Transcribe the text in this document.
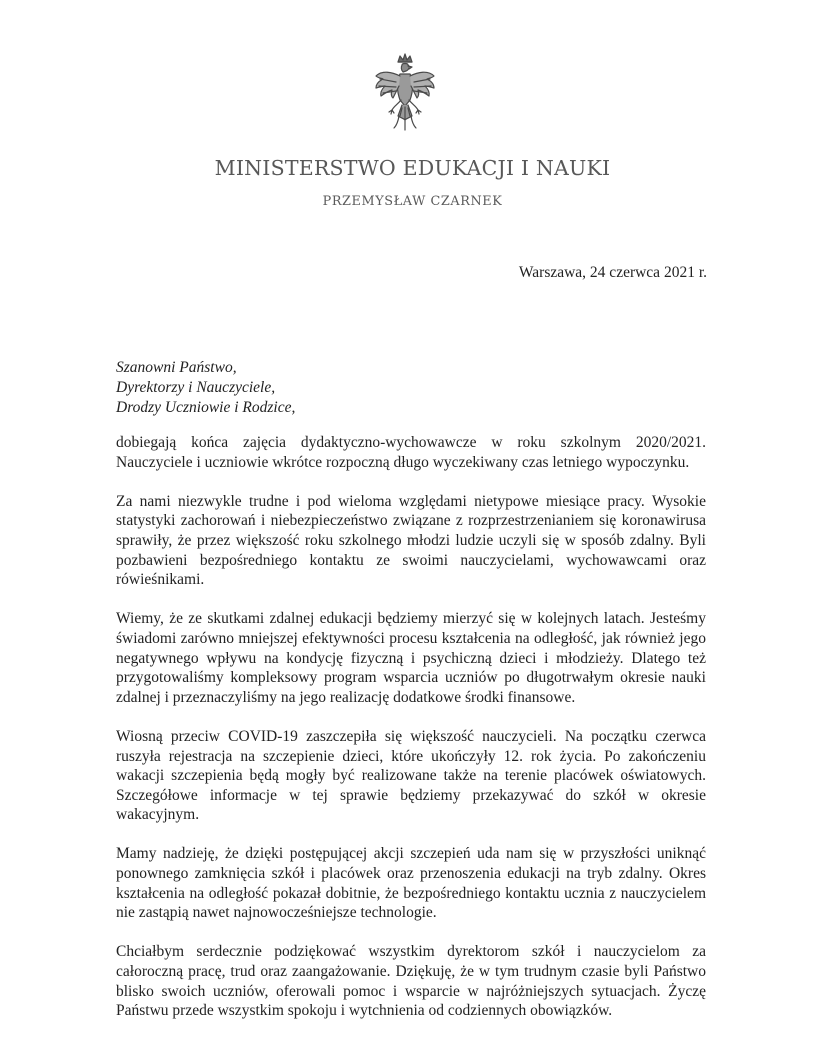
MINISTERSTWO EDUKACJI I NAUKI
PRZEMYSŁAW CZARNEK
Warszawa, 24 czerwca 2021 r.
Szanowni Państwo,
Dyrektorzy i Nauczyciele,
Drodzy Uczniowie i Rodzice,

dobiegają końca zajęcia dydaktyczno-wychowawcze w roku szkolnym 2020/2021. Nauczyciele i uczniowie wkrótce rozpoczną długo wyczekiwany czas letniego wypoczynku.

Za nami niezwykle trudne i pod wieloma względami nietypowe miesiące pracy. Wysokie statystyki zachorowań i niebezpieczeństwo związane z rozprzestrzenianiem się koronawirusa sprawiły, że przez większość roku szkolnego młodzi ludzie uczyli się w sposób zdalny. Byli pozbawieni bezpośredniego kontaktu ze swoimi nauczycielami, wychowawcami oraz rówieśnikami.

Wiemy, że ze skutkami zdalnej edukacji będziemy mierzyć się w kolejnych latach. Jesteśmy świadomi zarówno mniejszej efektywności procesu kształcenia na odległość, jak również jego negatywnego wpływu na kondycję fizyczną i psychiczną dzieci i młodzieży. Dlatego też przygotowaliśmy kompleksowy program wsparcia uczniów po długotrwałym okresie nauki zdalnej i przeznaczyliśmy na jego realizację dodatkowe środki finansowe.

Wiosną przeciw COVID-19 zaszczepiła się większość nauczycieli. Na początku czerwca ruszyła rejestracja na szczepienie dzieci, które ukończyły 12. rok życia. Po zakończeniu wakacji szczepienia będą mogły być realizowane także na terenie placówek oświatowych. Szczegółowe informacje w tej sprawie będziemy przekazywać do szkół w okresie wakacyjnym.

Mamy nadzieję, że dzięki postępującej akcji szczepień uda nam się w przyszłości uniknąć ponownego zamknięcia szkół i placówek oraz przenoszenia edukacji na tryb zdalny. Okres kształcenia na odległość pokazał dobitnie, że bezpośredniego kontaktu ucznia z nauczycielem nie zastąpią nawet najnowocześniejsze technologie.

Chciałbym serdecznie podziękować wszystkim dyrektorom szkół i nauczycielom za całoroczną pracę, trud oraz zaangażowanie. Dziękuję, że w tym trudnym czasie byli Państwo blisko swoich uczniów, oferowali pomoc i wsparcie w najróżniejszych sytuacjach. Życzę Państwu przede wszystkim spokoju i wytchnienia od codziennych obowiązków.
